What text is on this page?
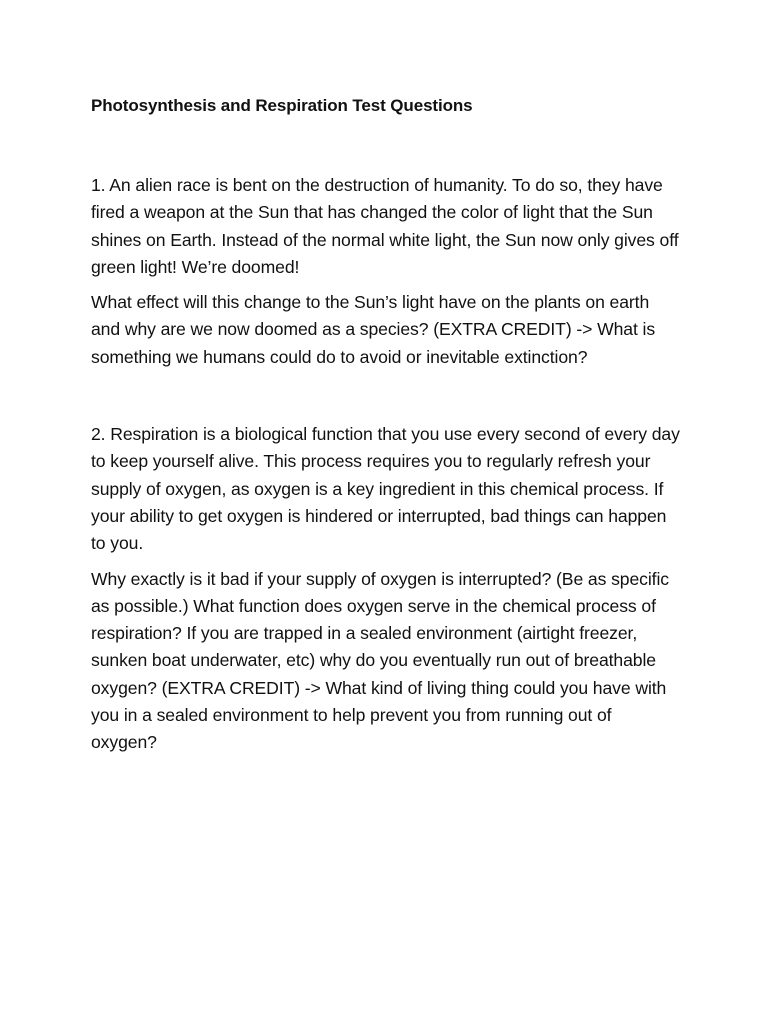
Photosynthesis and Respiration Test Questions

1. An alien race is bent on the destruction of humanity. To do so, they have fired a weapon at the Sun that has changed the color of light that the Sun shines on Earth. Instead of the normal white light, the Sun now only gives off green light! We’re doomed!

What effect will this change to the Sun’s light have on the plants on earth and why are we now doomed as a species? (EXTRA CREDIT) -> What is something we humans could do to avoid or inevitable extinction?

2. Respiration is a biological function that you use every second of every day to keep yourself alive. This process requires you to regularly refresh your supply of oxygen, as oxygen is a key ingredient in this chemical process. If your ability to get oxygen is hindered or interrupted, bad things can happen to you.

Why exactly is it bad if your supply of oxygen is interrupted? (Be as specific as possible.) What function does oxygen serve in the chemical process of respiration? If you are trapped in a sealed environment (airtight freezer, sunken boat underwater, etc) why do you eventually run out of breathable oxygen? (EXTRA CREDIT) -> What kind of living thing could you have with you in a sealed environment to help prevent you from running out of oxygen?
